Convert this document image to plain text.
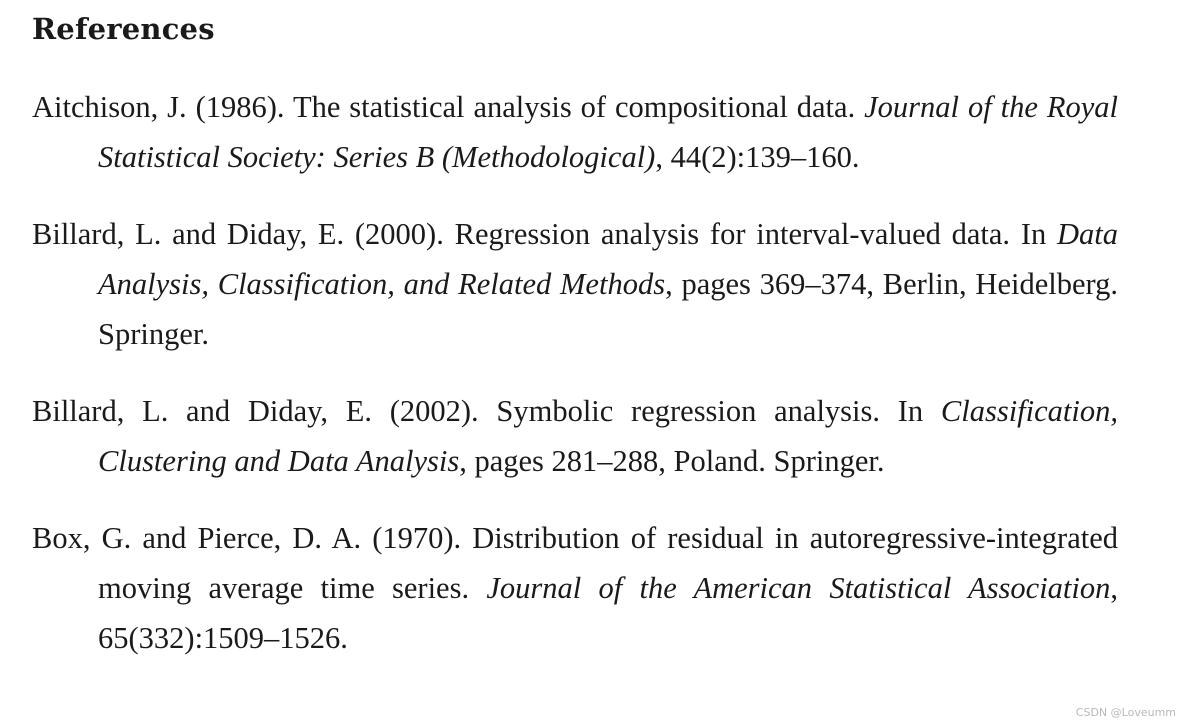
References
Aitchison, J. (1986). The statistical analysis of compositional data. Journal of the Royal Statistical Society: Series B (Methodological), 44(2):139–160.
Billard, L. and Diday, E. (2000). Regression analysis for interval-valued data. In Data Analysis, Classification, and Related Methods, pages 369–374, Berlin, Heidelberg. Springer.
Billard, L. and Diday, E. (2002). Symbolic regression analysis. In Classification, Clustering and Data Analysis, pages 281–288, Poland. Springer.
Box, G. and Pierce, D. A. (1970). Distribution of residual in autoregressive-integrated moving average time series. Journal of the American Statistical Association, 65(332):1509–1526.
CSDN @Loveumm
